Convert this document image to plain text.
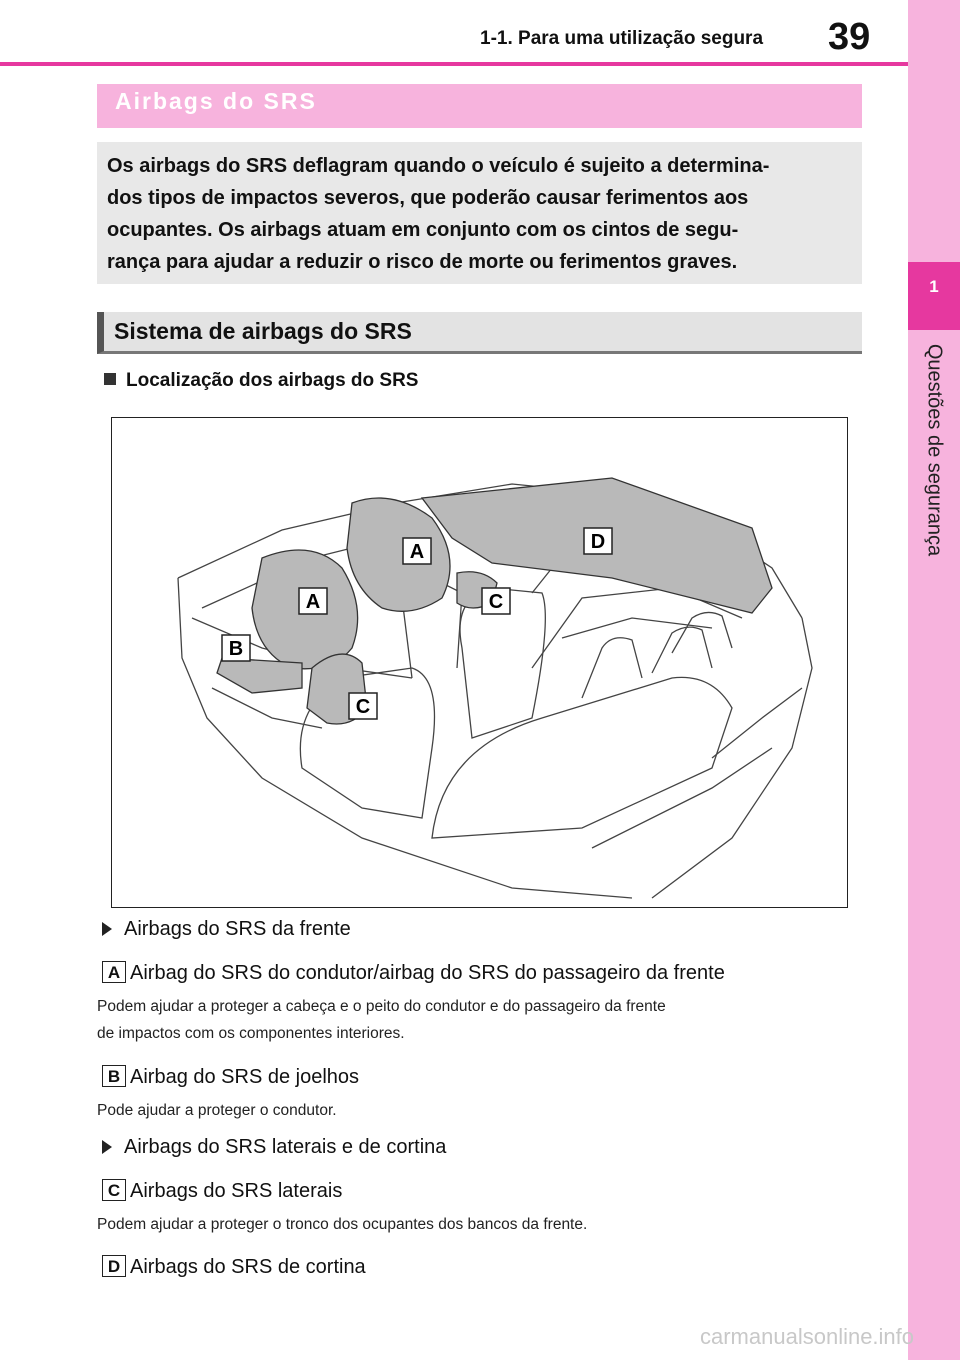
1-1. Para uma utilização segura 39
1
Questões de segurança
Airbags do SRS
Os airbags do SRS deflagram quando o veículo é sujeito a determina-
dos tipos de impactos severos, que poderão causar ferimentos aos
ocupantes. Os airbags atuam em conjunto com os cintos de segu-
rança para ajudar a reduzir o risco de morte ou ferimentos graves.
Sistema de airbags do SRS
Localização dos airbags do SRS
A
A
B
C
C
D
Airbags do SRS da frente
A Airbag do SRS do condutor/airbag do SRS do passageiro da frente
Podem ajudar a proteger a cabeça e o peito do condutor e do passageiro da frente
de impactos com os componentes interiores.
B Airbag do SRS de joelhos
Pode ajudar a proteger o condutor.
Airbags do SRS laterais e de cortina
C Airbags do SRS laterais
Podem ajudar a proteger o tronco dos ocupantes dos bancos da frente.
D Airbags do SRS de cortina
carmanualsonline.info
